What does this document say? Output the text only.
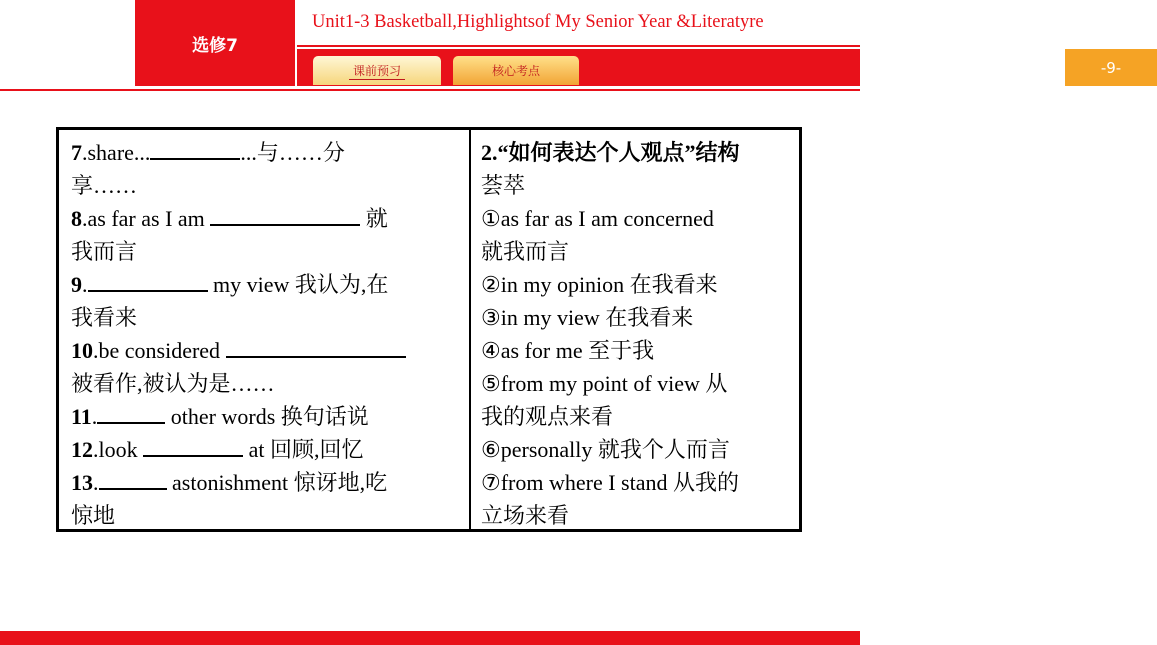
选修7
Unit1-3 Basketball,Highlightsof My Senior Year &Literatyre
课前预习	核心考点	-9-
7.share...	...与……分
享……
8.as far as I am	就
我而言
9.	my view 我认为,在
我看来
10.be considered
被看作,被认为是……
11.	other words 换句话说
12.look	at 回顾,回忆
13.	astonishment 惊讶地,吃
惊地
2.“如何表达个人观点”结构
荟萃
①as far as I am concerned
就我而言
②in my opinion 在我看来
③in my view 在我看来
④as for me 至于我
⑤from my point of view 从
我的观点来看
⑥personally 就我个人而言
⑦from where I stand 从我的
立场来看
